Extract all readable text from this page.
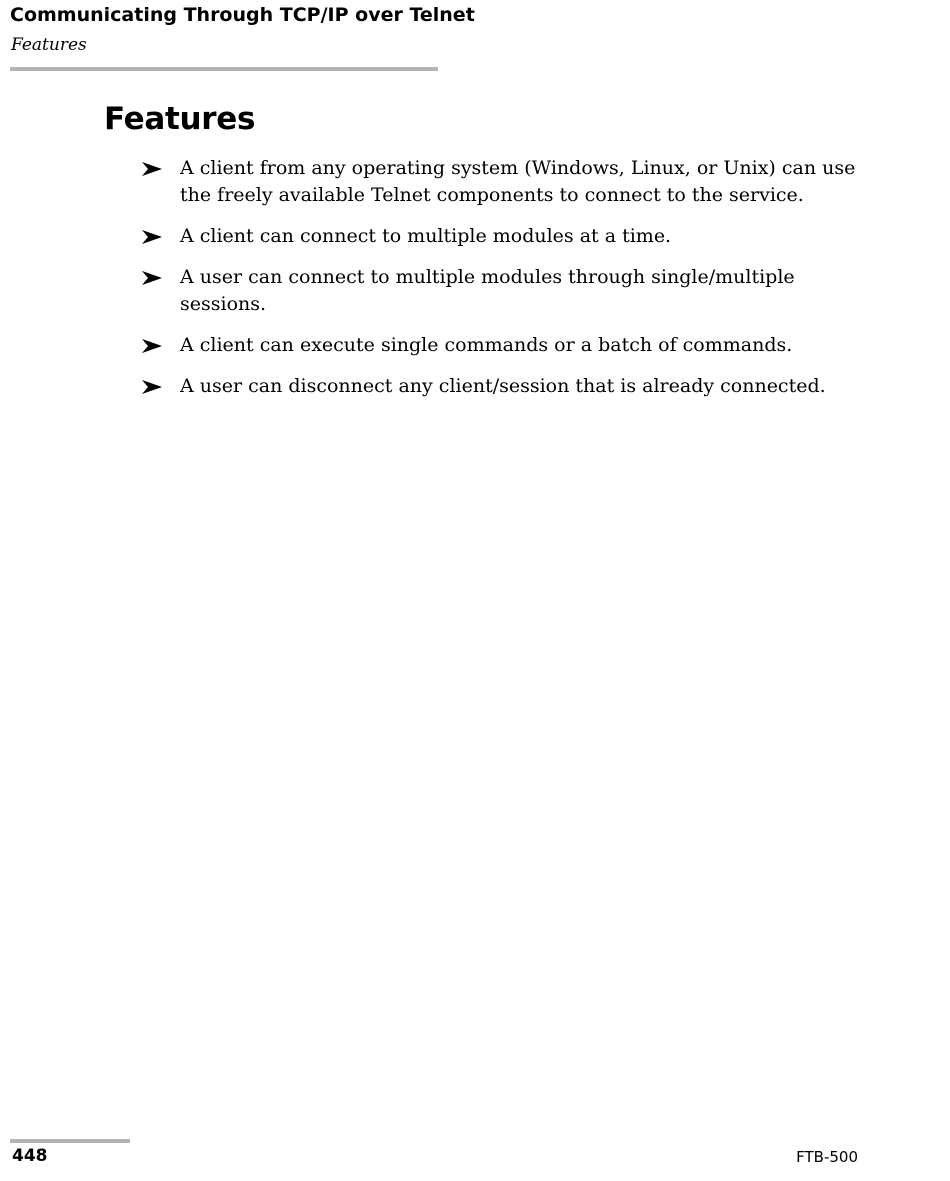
Communicating Through TCP/IP over Telnet
Features
Features
A client from any operating system (Windows, Linux, or Unix) can use the freely available Telnet components to connect to the service.
A client can connect to multiple modules at a time.
A user can connect to multiple modules through single/multiple sessions.
A client can execute single commands or a batch of commands.
A user can disconnect any client/session that is already connected.
448	FTB-500
